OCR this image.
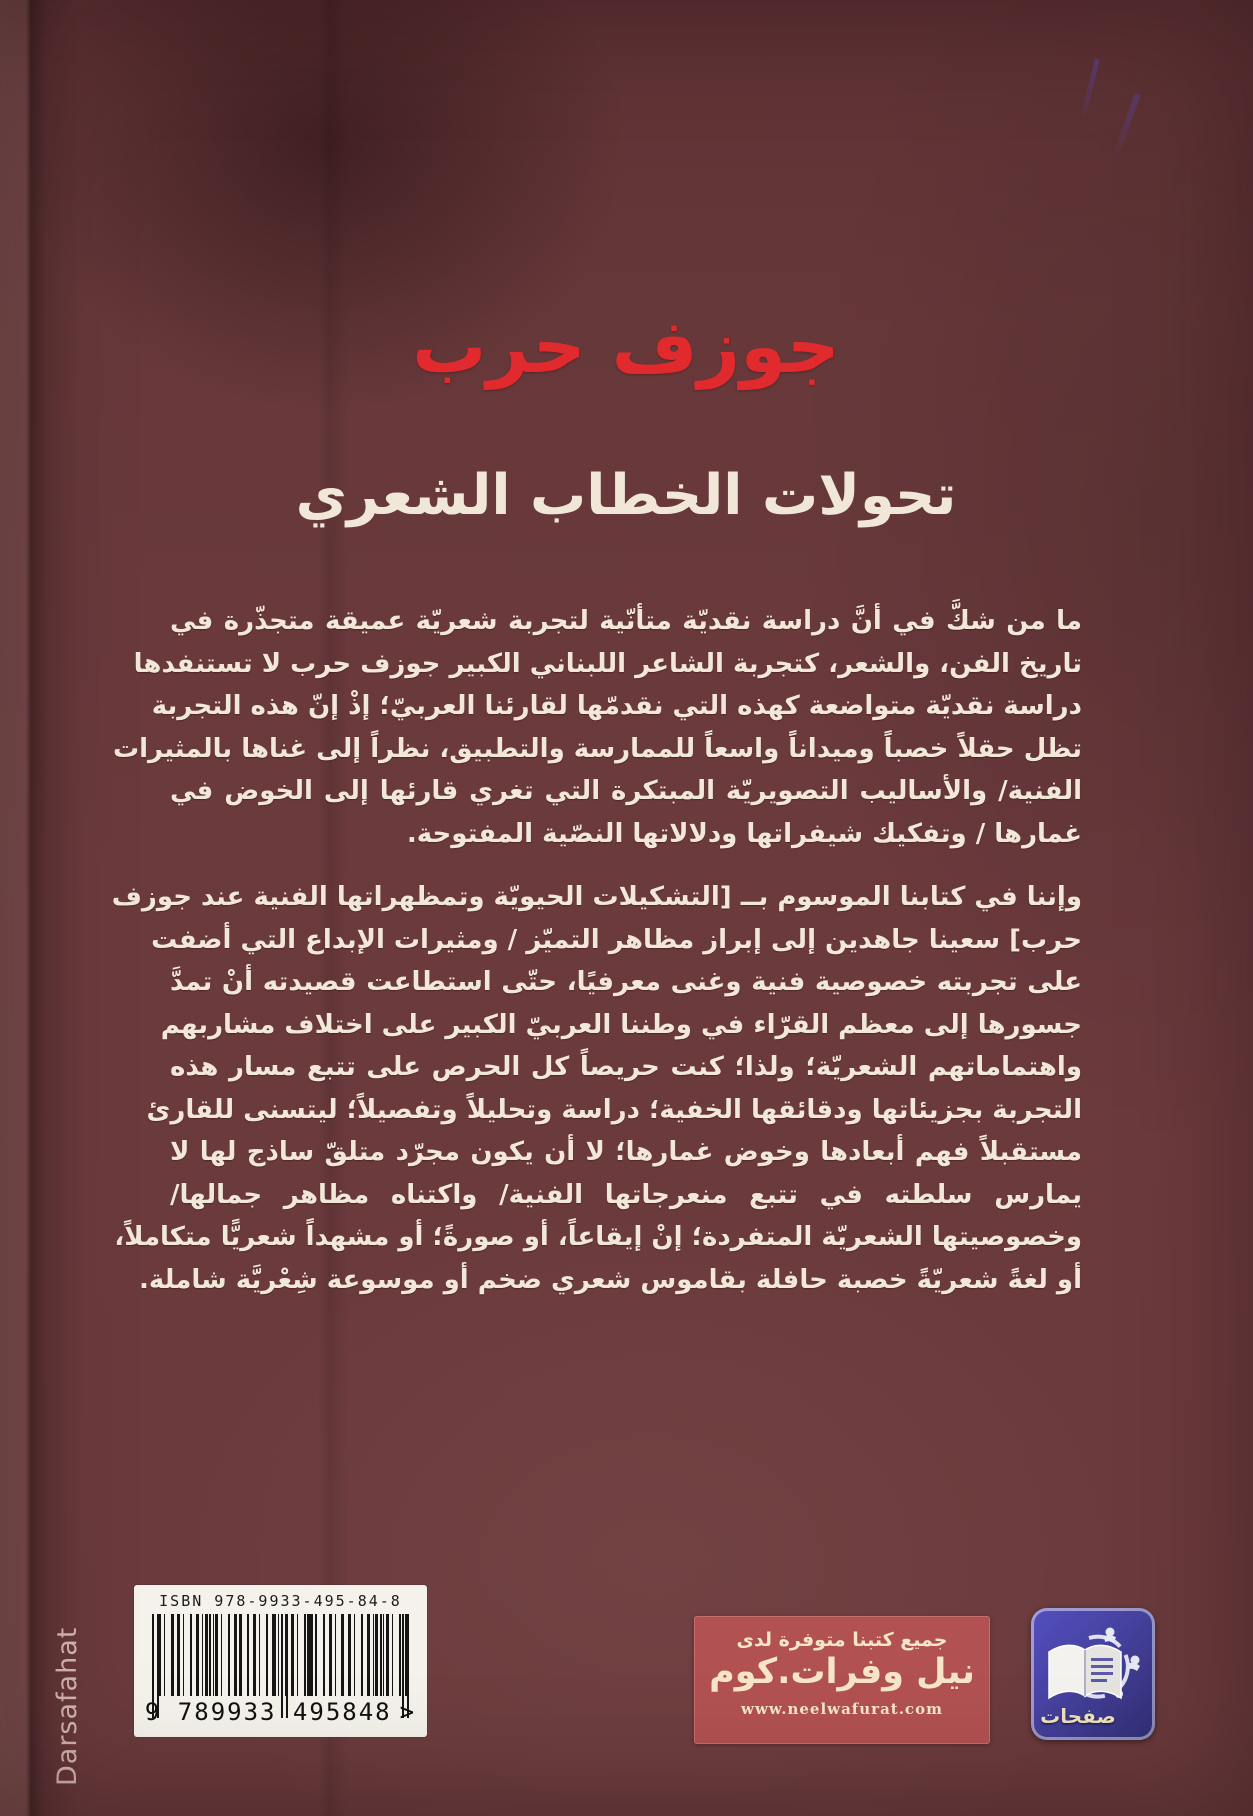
جوزف حرب
تحولات الخطاب الشعري
ما من شكَّ في أنَّ دراسة نقديّة متأنّية لتجربة شعريّة عميقة متجذّرة في
تاريخ الفن، والشعر، كتجربة الشاعر اللبناني الكبير جوزف حرب لا تستنفدها
دراسة نقديّة متواضعة كهذه التي نقدمّها لقارئنا العربيّ؛ إذْ إنّ هذه التجربة
تظل حقلاً خصباً وميداناً واسعاً للممارسة والتطبيق، نظراً إلى غناها بالمثيرات
الفنية/ والأساليب التصويريّة المبتكرة التي تغري قارئها إلى الخوض في
غمارها / وتفكيك شيفراتها ودلالاتها النصّية المفتوحة.
وإننا في كتابنا الموسوم بــ [التشكيلات الحيويّة وتمظهراتها الفنية عند جوزف
حرب] سعينا جاهدين إلى إبراز مظاهر التميّز / ومثيرات الإبداع التي أضفت
على تجربته خصوصية فنية وغنى معرفيًا، حتّى استطاعت قصيدته أنْ تمدَّ
جسورها إلى معظم القرّاء في وطننا العربيّ الكبير على اختلاف مشاربهم
واهتماماتهم الشعريّة؛ ولذا؛ كنت حريصاً كل الحرص على تتبع مسار هذه
التجربة بجزيئاتها ودقائقها الخفية؛ دراسة وتحليلاً وتفصيلاً؛ ليتسنى للقارئ
مستقبلاً فهم أبعادها وخوض غمارها؛ لا أن يكون مجرّد متلقّ ساذج لها لا
يمارس سلطته في تتبع منعرجاتها الفنية/ واكتناه مظاهر جمالها/
وخصوصيتها الشعريّة المتفردة؛ إنْ إيقاعاً، أو صورةً؛ أو مشهداً شعريًّا متكاملاً،
أو لغةً شعريّةً خصبة حافلة بقاموس شعري ضخم أو موسوعة شِعْريَّة شاملة.
Darsafahat
ISBN 978-9933-495-84-8
9 789933 495848 >
جميع كتبنا متوفرة لدى
نيل وفرات.كوم
www.neelwafurat.com	صفحات
